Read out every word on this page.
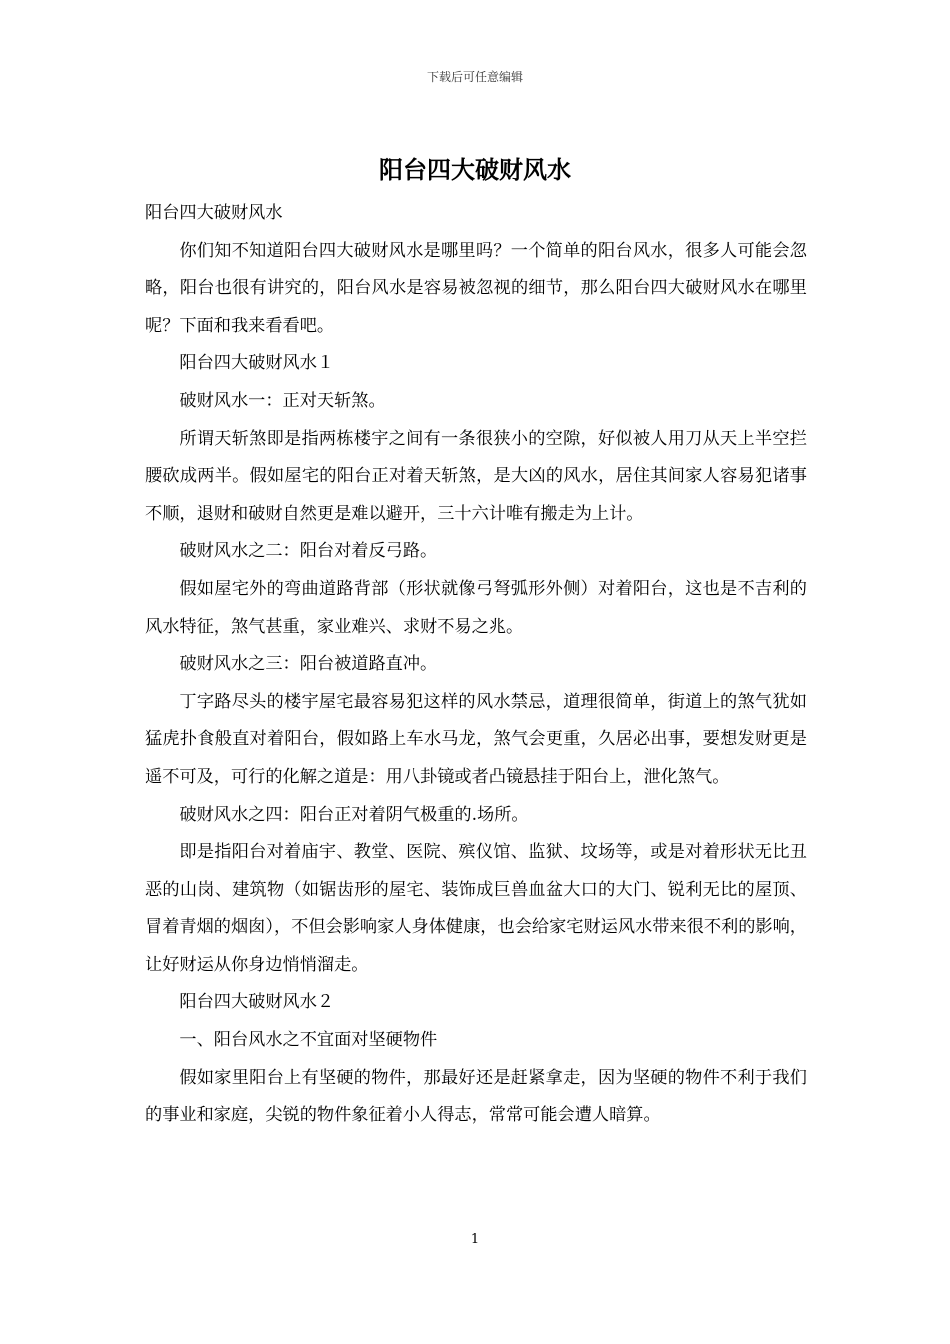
下载后可任意编辑
阳台四大破财风水

阳台四大破财风水

你们知不知道阳台四大破财风水是哪里吗？一个简单的阳台风水，很多人可能会忽略，阳台也很有讲究的，阳台风水是容易被忽视的细节，那么阳台四大破财风水在哪里呢？下面和我来看看吧。

阳台四大破财风水１

破财风水一：正对天斩煞。

所谓天斩煞即是指两栋楼宇之间有一条很狭小的空隙，好似被人用刀从天上半空拦腰砍成两半。假如屋宅的阳台正对着天斩煞，是大凶的风水，居住其间家人容易犯诸事不顺，退财和破财自然更是难以避开，三十六计唯有搬走为上计。

破财风水之二：阳台对着反弓路。

假如屋宅外的弯曲道路背部（形状就像弓弩弧形外侧）对着阳台，这也是不吉利的风水特征，煞气甚重，家业难兴、求财不易之兆。

破财风水之三：阳台被道路直冲。

丁字路尽头的楼宇屋宅最容易犯这样的风水禁忌，道理很简单，街道上的煞气犹如猛虎扑食般直对着阳台，假如路上车水马龙，煞气会更重，久居必出事，要想发财更是遥不可及，可行的化解之道是：用八卦镜或者凸镜悬挂于阳台上，泄化煞气。

破财风水之四：阳台正对着阴气极重的.场所。

即是指阳台对着庙宇、教堂、医院、殡仪馆、监狱、坟场等，或是对着形状无比丑恶的山岗、建筑物（如锯齿形的屋宅、装饰成巨兽血盆大口的大门、锐利无比的屋顶、冒着青烟的烟囱），不但会影响家人身体健康，也会给家宅财运风水带来很不利的影响，让好财运从你身边悄悄溜走。

阳台四大破财风水２

一、阳台风水之不宜面对坚硬物件

假如家里阳台上有坚硬的物件，那最好还是赶紧拿走，因为坚硬的物件不利于我们的事业和家庭，尖锐的物件象征着小人得志，常常可能会遭人暗算。

1
